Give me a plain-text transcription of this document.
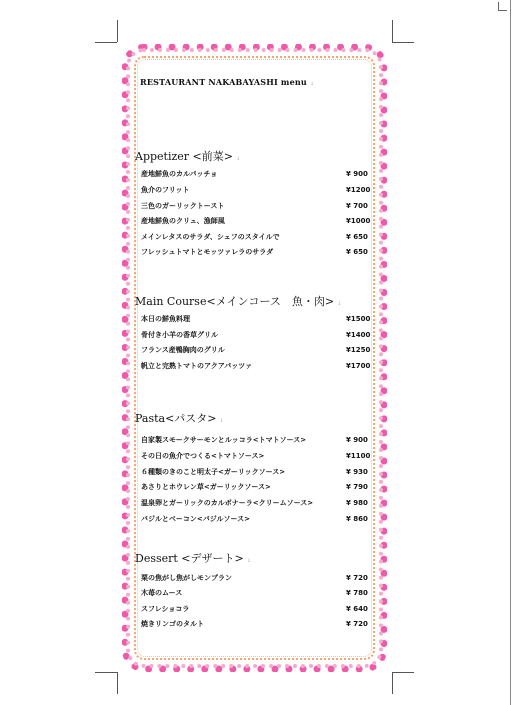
RESTAURANT NAKABAYASHI menu ↓
Appetizer <前菜> ↓
産地鮮魚のカルパッチョ	¥ 900
魚介のフリット	¥1200
三色のガーリックトースト	¥ 700
産地鮮魚のクリュ、漁師風	¥1000
メインレタスのサラダ、シェフのスタイルで	¥ 650
フレッシュトマトとモッツァレラのサラダ	¥ 650
Main Course<メインコース　魚・肉> ↓
本日の鮮魚料理	¥1500
骨付き小羊の香草グリル	¥1400
フランス産鴨胸肉のグリル	¥1250
帆立と完熟トマトのアクアパッツァ	¥1700
Pasta<パスタ> ↓
自家製スモークサーモンとルッコラ<トマトソース>	¥ 900
その日の魚介でつくる<トマトソース>	¥1100
６種類のきのこと明太子<ガーリックソース>	¥ 930
あさりとホウレン草<ガーリックソース>	¥ 790
温泉卵とガーリックのカルボナーラ<クリームソース>	¥ 980
バジルとベーコン<バジルソース>	¥ 860
Dessert <デザート> ↓
栗の焦がし焦がしモンブラン	¥ 720
木苺のムース	¥ 780
スフレショコラ	¥ 640
焼きリンゴのタルト	¥ 720
